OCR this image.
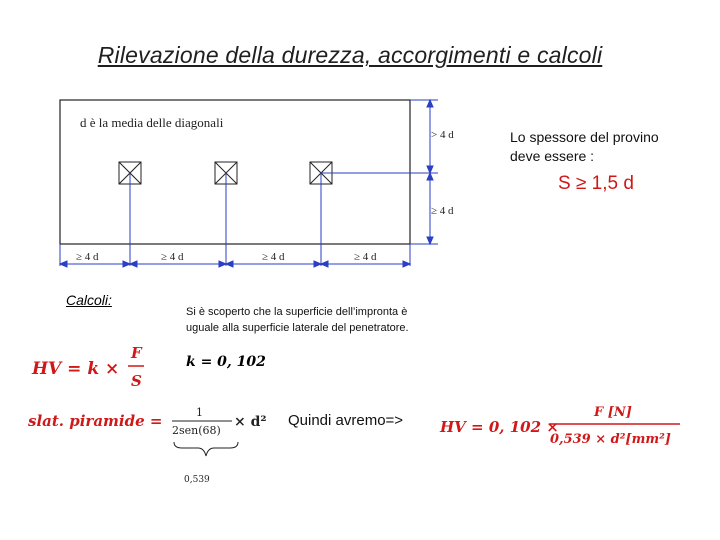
Rilevazione della durezza, accorgimenti e calcoli
d è la media delle diagonali
> 4 d
≥ 4 d
≥ 4 d	≥ 4 d	≥ 4 d	≥ 4 d
Lo spessore del provino
deve essere :
S ≥ 1,5 d
Calcoli:
Si è scoperto che la superficie dell’impronta è
uguale alla superficie laterale del penetratore.
HV = k ×
F
S
k = 0, 102
slat. piramide =	1
2sen(68)
× d²
0,539
Quindi avremo=> HV = 0, 102 ×
F [N]
0,539 × d²[mm²]
